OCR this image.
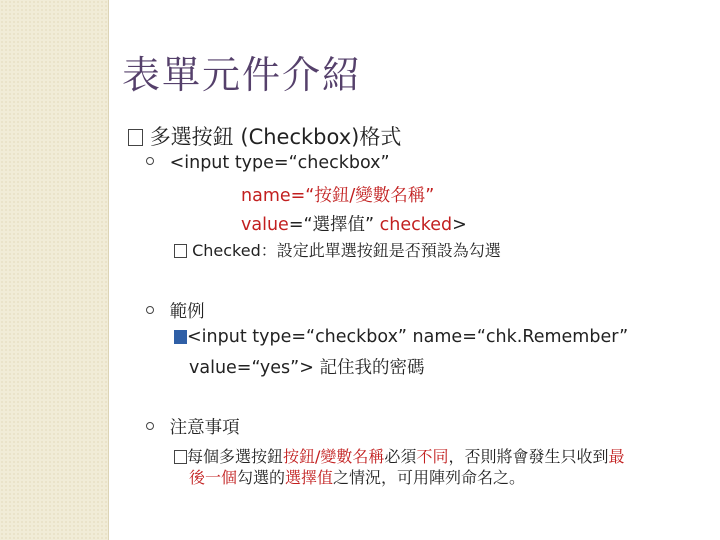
表單元件介紹
多選按鈕 (Checkbox)格式
<input type=“checkbox”
name=“按鈕/變數名稱”
value=“選擇值” checked>
Checked：設定此單選按鈕是否預設為勾選
範例
<input type=“checkbox” name=“chk.Remember”
value=“yes”> 記住我的密碼
注意事項
每個多選按鈕按鈕/變數名稱必須不同，否則將會發生只收到最
後一個勾選的選擇值之情況，可用陣列命名之。
